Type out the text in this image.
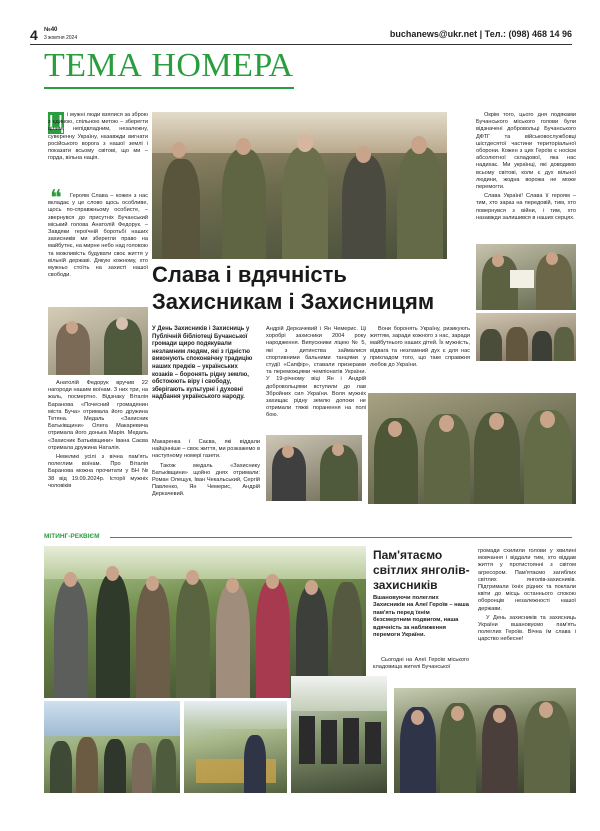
4 №40
3 жовтня 2024	buchanews@ukr.net | Тел.: (098) 468 14 96
ТЕМА НОМЕРА
Ц і мужні люди взялися за зброю з єдиною, спільною метою – зберегти цілим, непідвладним, незалежну, суверенну Україну, назавжди вигнати російського ворога з нашої землі і показати всьому світові, що ми – горда, вільна нація.
❝	Героям Слава – кожен з нас вкладає у це слово щось особливе, щось по-справжньому особисте, – звернувся до присутніх Бучанський міський голова Анатолій Федорук. – Завдяки героїчній боротьбі наших захисників ми зберегли право на майбутнє, на мирне небо над головою та можливість будувати своє життя у вільній державі. Дякую кожному, хто мужньо стоїть на захисті нашої свободи.

Окрім того, цього дня подяками Бучанського міського голови були відзначені добровольці Бучанського ДФТГ та військовослужбовці шістдесятої частини територіальної оборони. Кожен з цих Героїв є носієм абсолютної складової, яка нас надихає. Ми українці, які доводимо всьому світові, коли є дух вільної людини, жодна ворожа не може перемогти.

Слава Україні! Слава її героям – тим, хто зараз на передовій, тим, хто повернувся з війни, і тим, хто назавжди залишився в наших серцях.

Слава і вдячність
Захисникам і Захисницям
У День Захисників і Захисниць у Публічній бібліотеці Бучанської громади щиро подякували незламним людям, які з гідністю виконують споконвічну традицію наших предків – українських козаків – боронять рідну землю, обстоюють віру і свободу, зберігають культурні і духовні надбання українського народу.
Андрій Деркачевий і Ян Чемерис. Ці хоробрі захисники 2004 року народження. Випускники ліцею № 5, які з дитинства займалися спортивними бальними танцями у студії «Сапфір», ставали призерами та переможцями чемпіонатів України. У 19-річному віці Ян і Андрій добровольцями вступили до лав Збройних сил України. Воля мужніх захищає рідну землю допоки не отримали тяжкі поранення на полі бою.
Вони боронять Україну, ризикують життям, заради кожного з нас, заради майбутнього наших дітей. Їх мужність, відвага та незламний дух є для нас прикладом того, що таке справжня любов до України.

Анатолій Федорук вручив 22 нагороди нашим воїнам. З них три, на жаль, посмертно. Відзнаку Віталія Баранова «Почесний громадянин міста Буча» отримала його дружина Тетяна. Медаль «Захисник Батьківщини» Олега Макаревича отримала його донька Марія. Медаль «Захисник Батьківщини» Івана Саєва отримала дружина Наталія.

Невеликі усілі з вічна пам'ять полеглим воїнам. Про Віталія Баранова можна прочитати у БН № 38 від 19.09.2024р. Історії мужніх чоловіків

Макаренка і Саєва, які віддали найцінніше – своє життя, ми розкажемо в наступному номері газети.

Також медаль «Захиснику Батьківщини» щойно днях отримали: Роман Олещук, Іван Чекальський, Сергій Павленко, Ян Чемерис, Андрій Деркачевий.

МІТИНГ-РЕКВІЄМ
Пам'ятаємо
світлих янголів-
захисників
Вшановуючи полеглих Захисників на Алеї Героїв – наша пам'ять перед їхнім безсмертним подвигом, наша вдячність за наближення перемоги України.
Сьогодні на Алеї Героїв міського кладовища жителі Бучанської

громади схилили голови у хвилині мовчання і віддали тим, хто віддав життя у протистоянні з світом агресором. Пам'ятаємо загиблих світлих янголів-захисників. Підтримали їхніх рідних та поклали квіти до місць останнього спокою оборонців незалежності нашої держави.

У День захисників та захисниць України вшановуємо пам'ять полеглих Героїв. Вічна їм слава і царство небесне!
